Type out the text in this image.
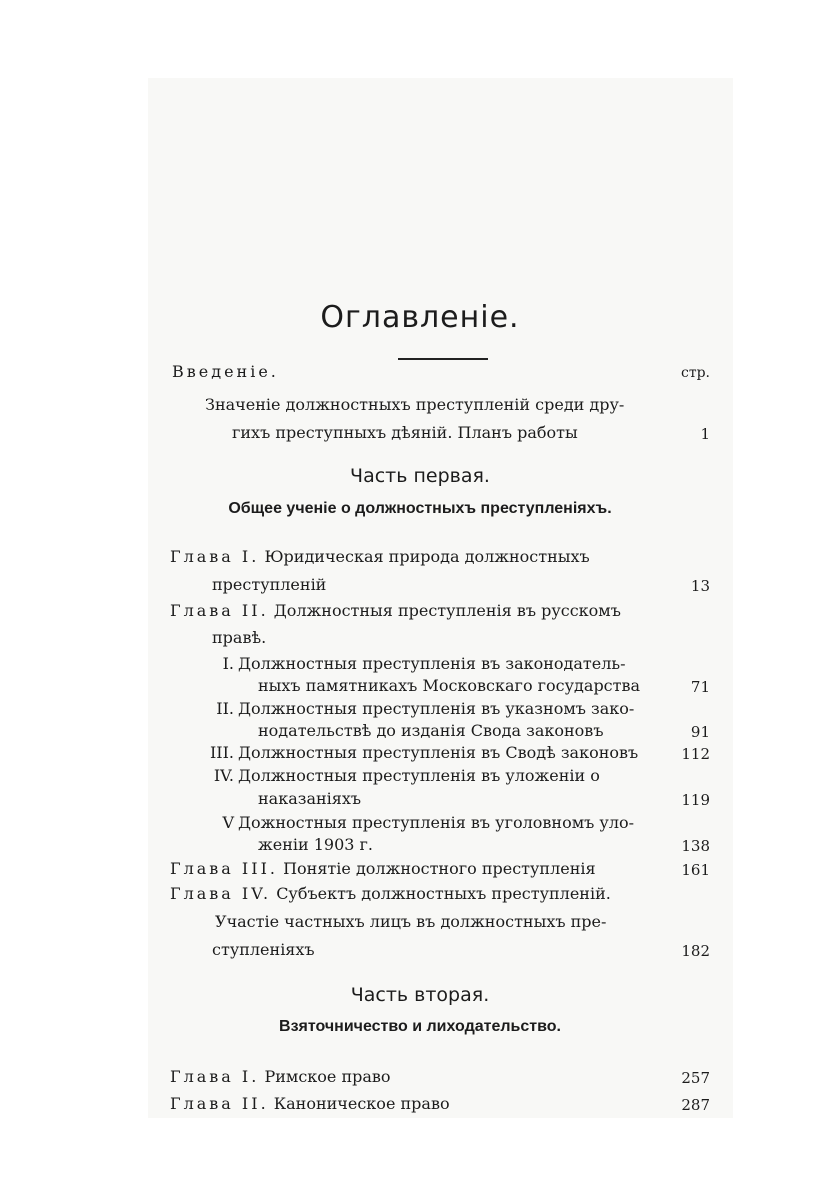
Оглавленіе.
Введеніе.	стр.
Значеніе должностныхъ преступленій среди дру-
гихъ преступныхъ дѣяній. Планъ работы	1
Часть первая.
Общее ученіе о должностныхъ преступленіяхъ.
Глава I. Юридическая природа должностныхъ
преступленій	13
Глава II. Должностныя преступленія въ русскомъ
правѣ.
I. Должностныя преступленія въ законодатель-
ныхъ памятникахъ Московскаго государства	71
II. Должностныя преступленія въ указномъ зако-
нодательствѣ до изданія Свода законовъ	91
III. Должностныя преступленія въ Сводѣ законовъ	112
IV. Должностныя преступленія въ уложеніи о
наказаніяхъ	119
V Дожностныя преступленія въ уголовномъ уло-
женіи 1903 г.	138
Глава III. Понятіе должностного преступленія	161
Глава IV. Субъектъ должностныхъ преступленій.
Участіе частныхъ лицъ въ должностныхъ пре-
ступленіяхъ	182
Часть вторая.
Взяточничество и лиходательство.
Глава I. Римское право	257
Глава II. Каноническое право	287
